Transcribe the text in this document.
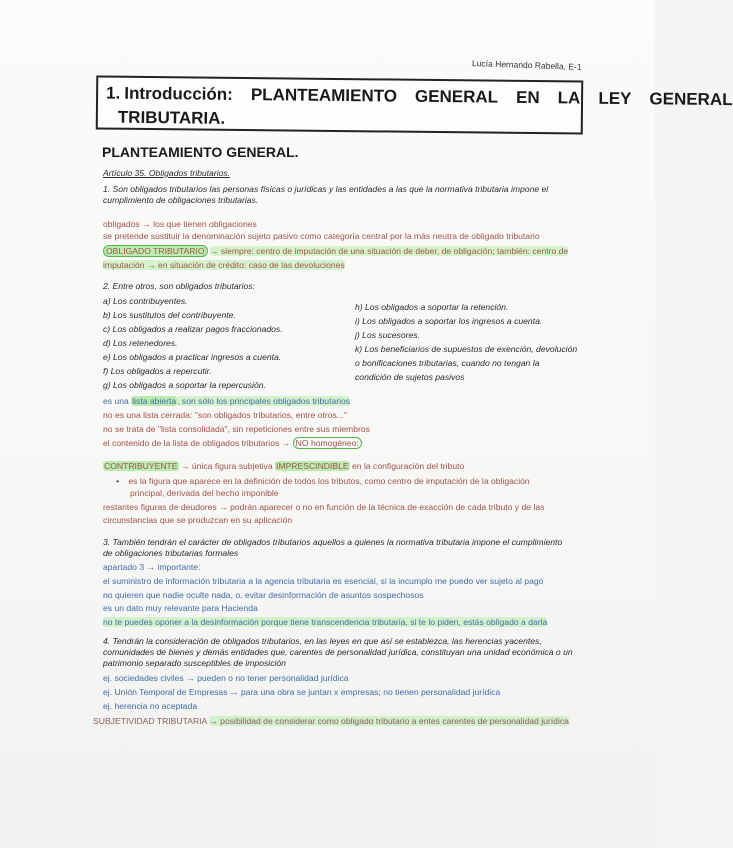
Lucía Hernando Rabella, E-1
1. Introducción: PLANTEAMIENTO GENERAL EN LA LEY GENERAL
TRIBUTARIA.
PLANTEAMIENTO GENERAL.
Artículo 35. Obligados tributarios.
1. Son obligados tributarios las personas físicas o jurídicas y las entidades a las que la normativa tributaria impone el
cumplimiento de obligaciones tributarias.
obligados → los que tienen obligaciones
se pretende sustituir la denominación sujeto pasivo como categoría central por la más neutra de obligado tributario
OBLIGADO TRIBUTARIO → siempre: centro de imputación de una situación de deber, de obligación; también: centro de
imputación → en situación de crédito: caso de las devoluciones
2. Entre otros, son obligados tributarios:
a) Los contribuyentes.
b) Los sustitutos del contribuyente.
c) Los obligados a realizar pagos fraccionados.
d) Los retenedores.
e) Los obligados a practicar ingresos a cuenta.
f) Los obligados a repercutir.
g) Los obligados a soportar la repercusión.
h) Los obligados a soportar la retención.
i) Los obligados a soportar los ingresos a cuenta.
j) Los sucesores.
k) Los beneficiarios de supuestos de exención, devolución
o bonificaciones tributarias, cuando no tengan la
condición de sujetos pasivos
es una lista abierta, son sólo los principales obligados tributarios
no es una lista cerrada: "son obligados tributarios, entre otros..."
no se trata de "lista consolidada", sin repeticiones entre sus miembros
el contenido de la lista de obligados tributarios → NO homogéneo:
CONTRIBUYENTE → única figura subjetiva IMPRESCINDIBLE en la configuración del tributo
• es la figura que aparece en la definición de todos los tributos, como centro de imputación de la obligación
principal, derivada del hecho imponible
restantes figuras de deudores → podrán aparecer o no en función de la técnica de exacción de cada tributo y de las
circunstancias que se produzcan en su aplicación
3. También tendrán el carácter de obligados tributarios aquellos a quienes la normativa tributaria impone el cumplimiento
de obligaciones tributarias formales
apartado 3 → importante:
el suministro de información tributaria a la agencia tributaria es esencial, si la incumplo me puedo ver sujeto al pago
no quieren que nadie oculte nada, o, evitar desinformación de asuntos sospechosos
es un dato muy relevante para Hacienda
no te puedes oponer a la desinformación porque tiene transcendencia tributaria, si te lo piden, estás obligado a darla
4. Tendrán la consideración de obligados tributarios, en las leyes en que así se establezca, las herencias yacentes,
comunidades de bienes y demás entidades que, carentes de personalidad jurídica, constituyan una unidad económica o un
patrimonio separado susceptibles de imposición
ej. sociedades civiles → pueden o no tener personalidad jurídica
ej. Unión Temporal de Empresas → para una obra se juntan x empresas; no tienen personalidad jurídica
ej. herencia no aceptada
SUBJETIVIDAD TRIBUTARIA → posibilidad de considerar como obligado tributario a entes carentes de personalidad jurídica
